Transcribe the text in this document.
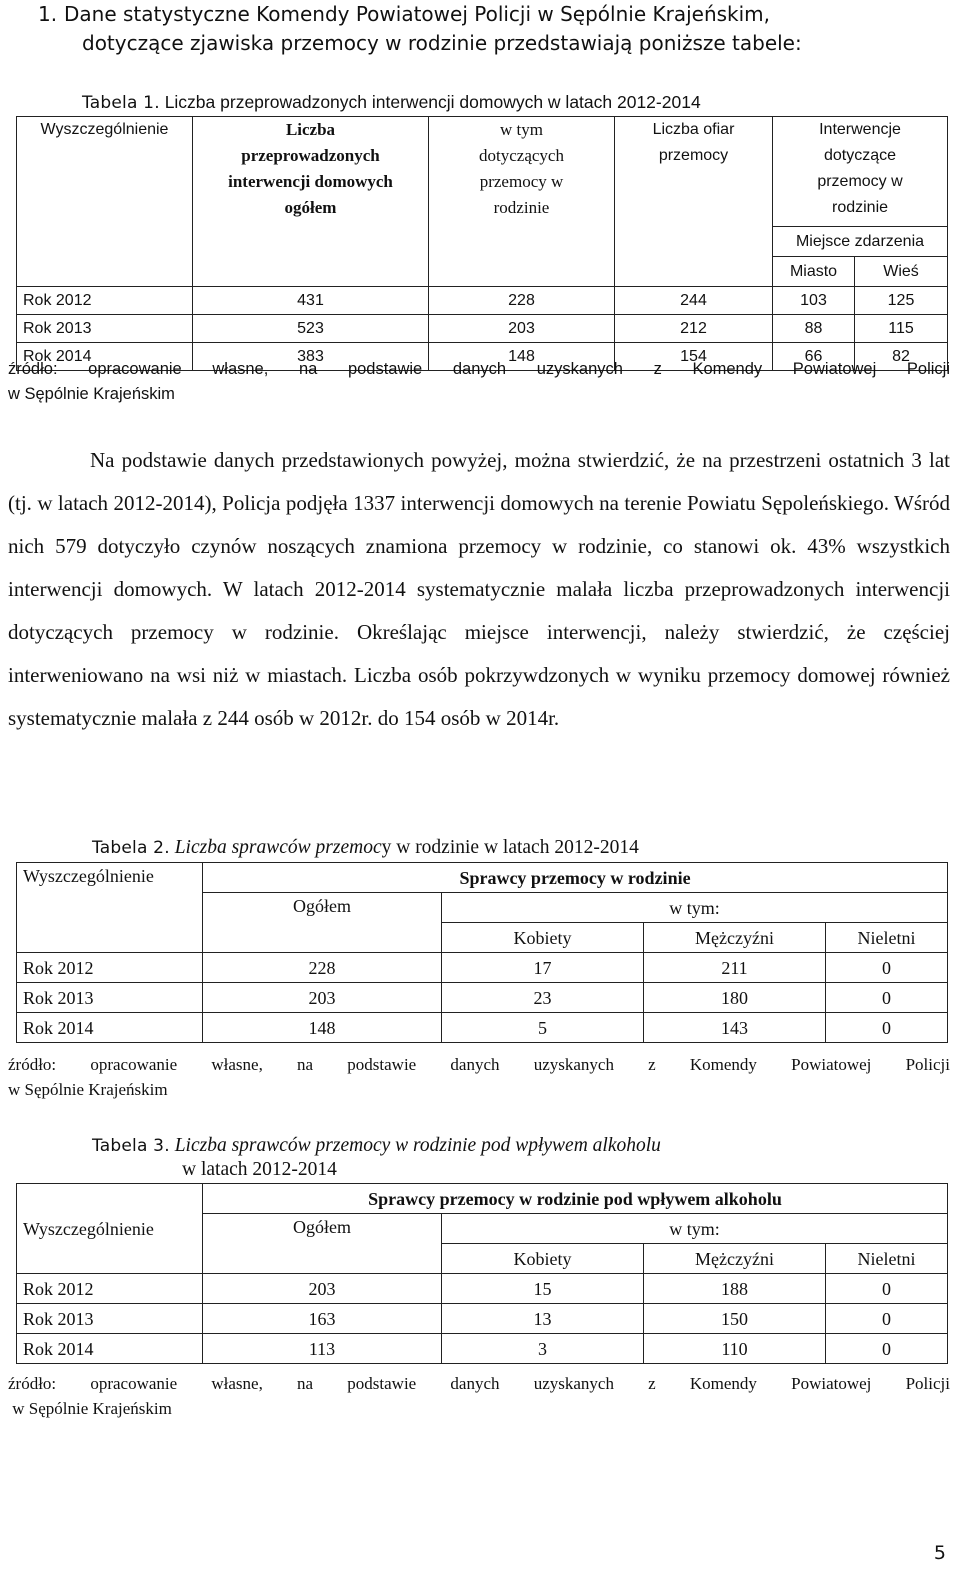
1. Dane statystyczne Komendy Powiatowej Policji w Sępólnie Krajeńskim,
dotyczące zjawiska przemocy w rodzinie przedstawiają poniższe tabele:
Tabela 1. Liczba przeprowadzonych interwencji domowych w latach 2012-2014
Wyszczególnienie	Liczba przeprowadzonych interwencji domowych ogółem	w tym dotyczących przemocy w rodzinie	Liczba ofiar przemocy	Interwencje dotyczące przemocy w rodzinie	
				Miejsce zdarzenia	
				Miasto	Wieś
Rok 2012	431	228	244	103	125
Rok 2013	523	203	212	88	115
Rok 2014	383	148	154	66	82
źródło: opracowanie własne, na podstawie danych uzyskanych z Komendy Powiatowej Policji
w Sępólnie Krajeńskim
Na podstawie danych przedstawionych powyżej, można stwierdzić, że na przestrzeni ostatnich 3 lat (tj. w latach 2012-2014), Policja podjęła 1337 interwencji domowych na terenie Powiatu Sępoleńskiego. Wśród nich 579 dotyczyło czynów noszących znamiona przemocy w rodzinie, co stanowi ok. 43% wszystkich interwencji domowych. W latach 2012-2014 systematycznie malała liczba przeprowadzonych interwencji dotyczących przemocy w rodzinie. Określając miejsce interwencji, należy stwierdzić, że częściej interweniowano na wsi niż w miastach. Liczba osób pokrzywdzonych w wyniku przemocy domowej również systematycznie malała z 244 osób w 2012r. do 154 osób w 2014r.
Tabela 2. Liczba sprawców przemocy w rodzinie w latach 2012-2014
Wyszczególnienie	Sprawcy przemocy w rodzinie			
	Ogółem	w tym:		
		Kobiety	Mężczyźni	Nieletni
Rok 2012	228	17	211	0
Rok 2013	203	23	180	0
Rok 2014	148	5	143	0
źródło: opracowanie własne, na podstawie danych uzyskanych z Komendy Powiatowej Policji
w Sępólnie Krajeńskim
Tabela 3. Liczba sprawców przemocy w rodzinie pod wpływem alkoholu
w latach 2012-2014
Wyszczególnienie	Sprawcy przemocy w rodzinie pod wpływem alkoholu			
	Ogółem	w tym:		
		Kobiety	Mężczyźni	Nieletni
Rok 2012	203	15	188	0
Rok 2013	163	13	150	0
Rok 2014	113	3	110	0
źródło: opracowanie własne, na podstawie danych uzyskanych z Komendy Powiatowej Policji
w Sępólnie Krajeńskim
5
